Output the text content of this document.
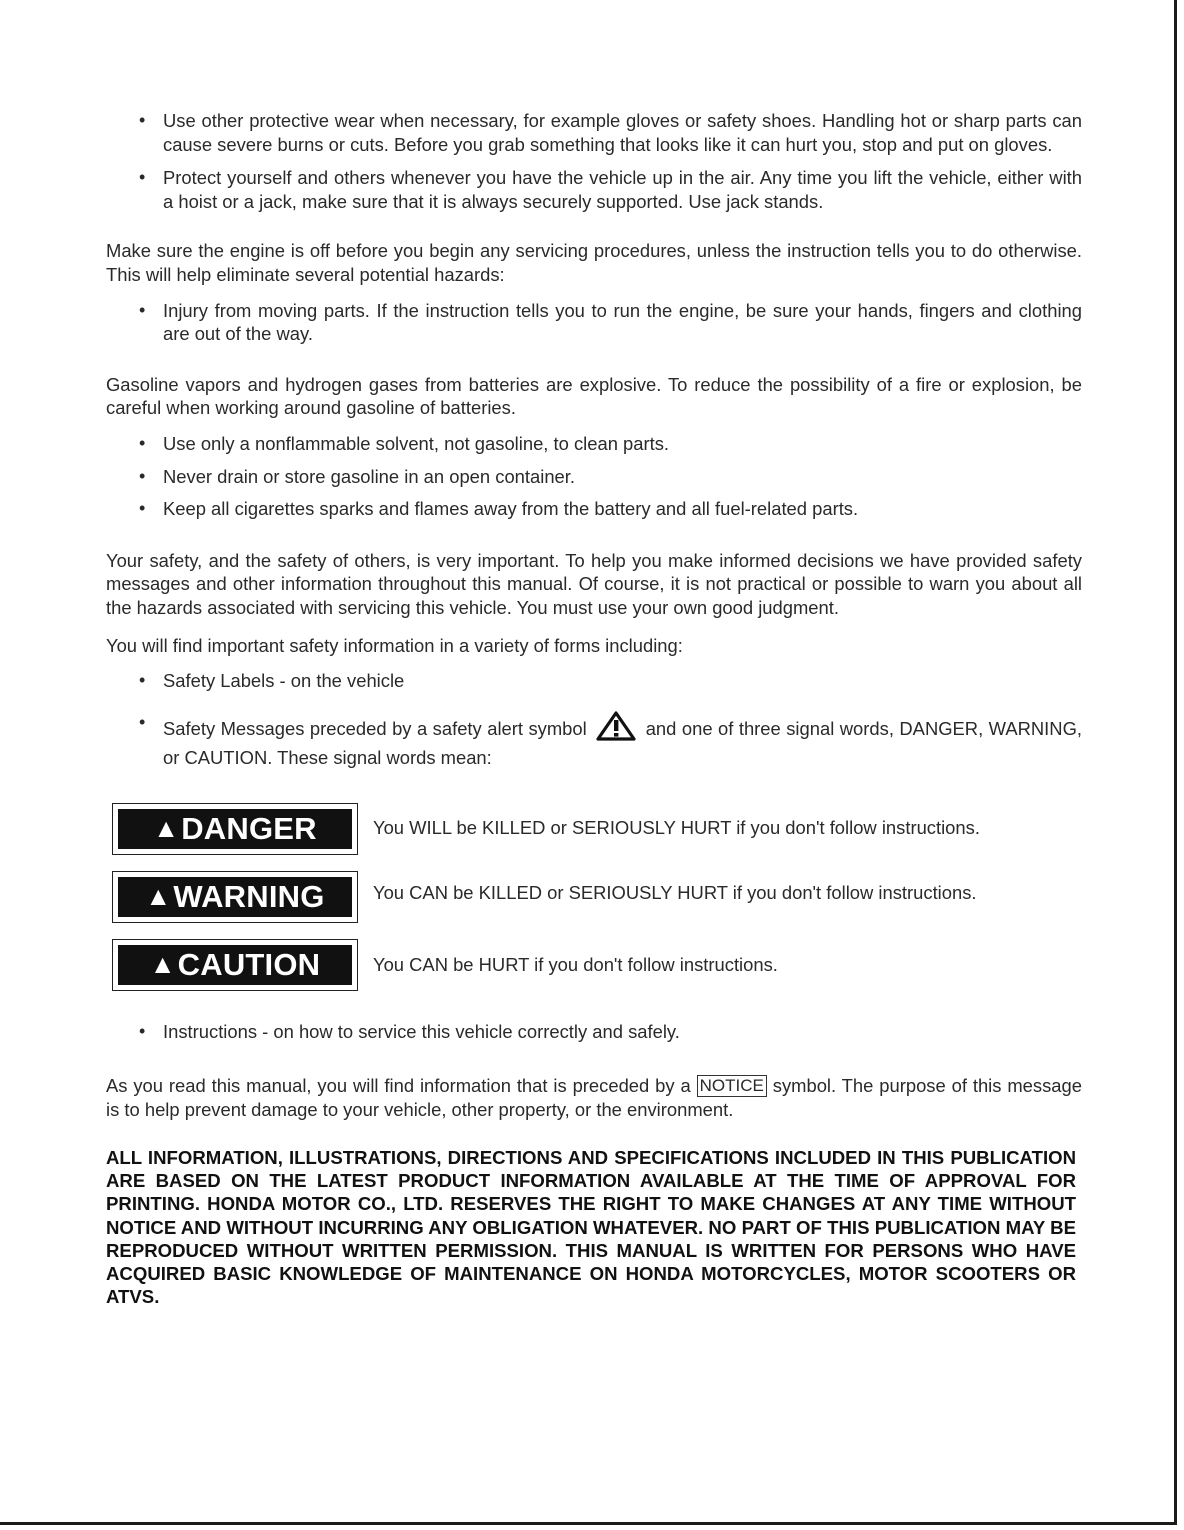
• Use other protective wear when necessary, for example gloves or safety shoes. Handling hot or sharp parts can cause severe burns or cuts. Before you grab something that looks like it can hurt you, stop and put on gloves.
• Protect yourself and others whenever you have the vehicle up in the air. Any time you lift the vehicle, either with a hoist or a jack, make sure that it is always securely supported. Use jack stands.

Make sure the engine is off before you begin any servicing procedures, unless the instruction tells you to do otherwise. This will help eliminate several potential hazards:

• Injury from moving parts. If the instruction tells you to run the engine, be sure your hands, fingers and clothing are out of the way.

Gasoline vapors and hydrogen gases from batteries are explosive. To reduce the possibility of a fire or explosion, be careful when working around gasoline of batteries.

• Use only a nonflammable solvent, not gasoline, to clean parts.
• Never drain or store gasoline in an open container.
• Keep all cigarettes sparks and flames away from the battery and all fuel-related parts.

Your safety, and the safety of others, is very important. To help you make informed decisions we have provided safety messages and other information throughout this manual. Of course, it is not practical or possible to warn you about all the hazards associated with servicing this vehicle. You must use your own good judgment.

You will find important safety information in a variety of forms including:

• Safety Labels - on the vehicle
• Safety Messages preceded by a safety alert symbol	and one of three signal words, DANGER, WARNING, or CAUTION. These signal words mean:
▲ DANGER	You WILL be KILLED or SERIOUSLY HURT if you don't follow instructions.
▲ WARNING	You CAN be KILLED or SERIOUSLY HURT if you don't follow instructions.
▲ CAUTION	You CAN be HURT if you don't follow instructions.
• Instructions - on how to service this vehicle correctly and safely.

As you read this manual, you will find information that is preceded by a NOTICE symbol. The purpose of this message is to help prevent damage to your vehicle, other property, or the environment.

ALL INFORMATION, ILLUSTRATIONS, DIRECTIONS AND SPECIFICATIONS INCLUDED IN THIS PUBLICATION ARE BASED ON THE LATEST PRODUCT INFORMATION AVAILABLE AT THE TIME OF APPROVAL FOR PRINTING. HONDA MOTOR CO., LTD. RESERVES THE RIGHT TO MAKE CHANGES AT ANY TIME WITHOUT NOTICE AND WITHOUT INCURRING ANY OBLIGATION WHATEVER. NO PART OF THIS PUBLICATION MAY BE REPRODUCED WITHOUT WRITTEN PERMISSION. THIS MANUAL IS WRITTEN FOR PERSONS WHO HAVE ACQUIRED BASIC KNOWLEDGE OF MAINTENANCE ON HONDA MOTORCYCLES, MOTOR SCOOTERS OR ATVS.
